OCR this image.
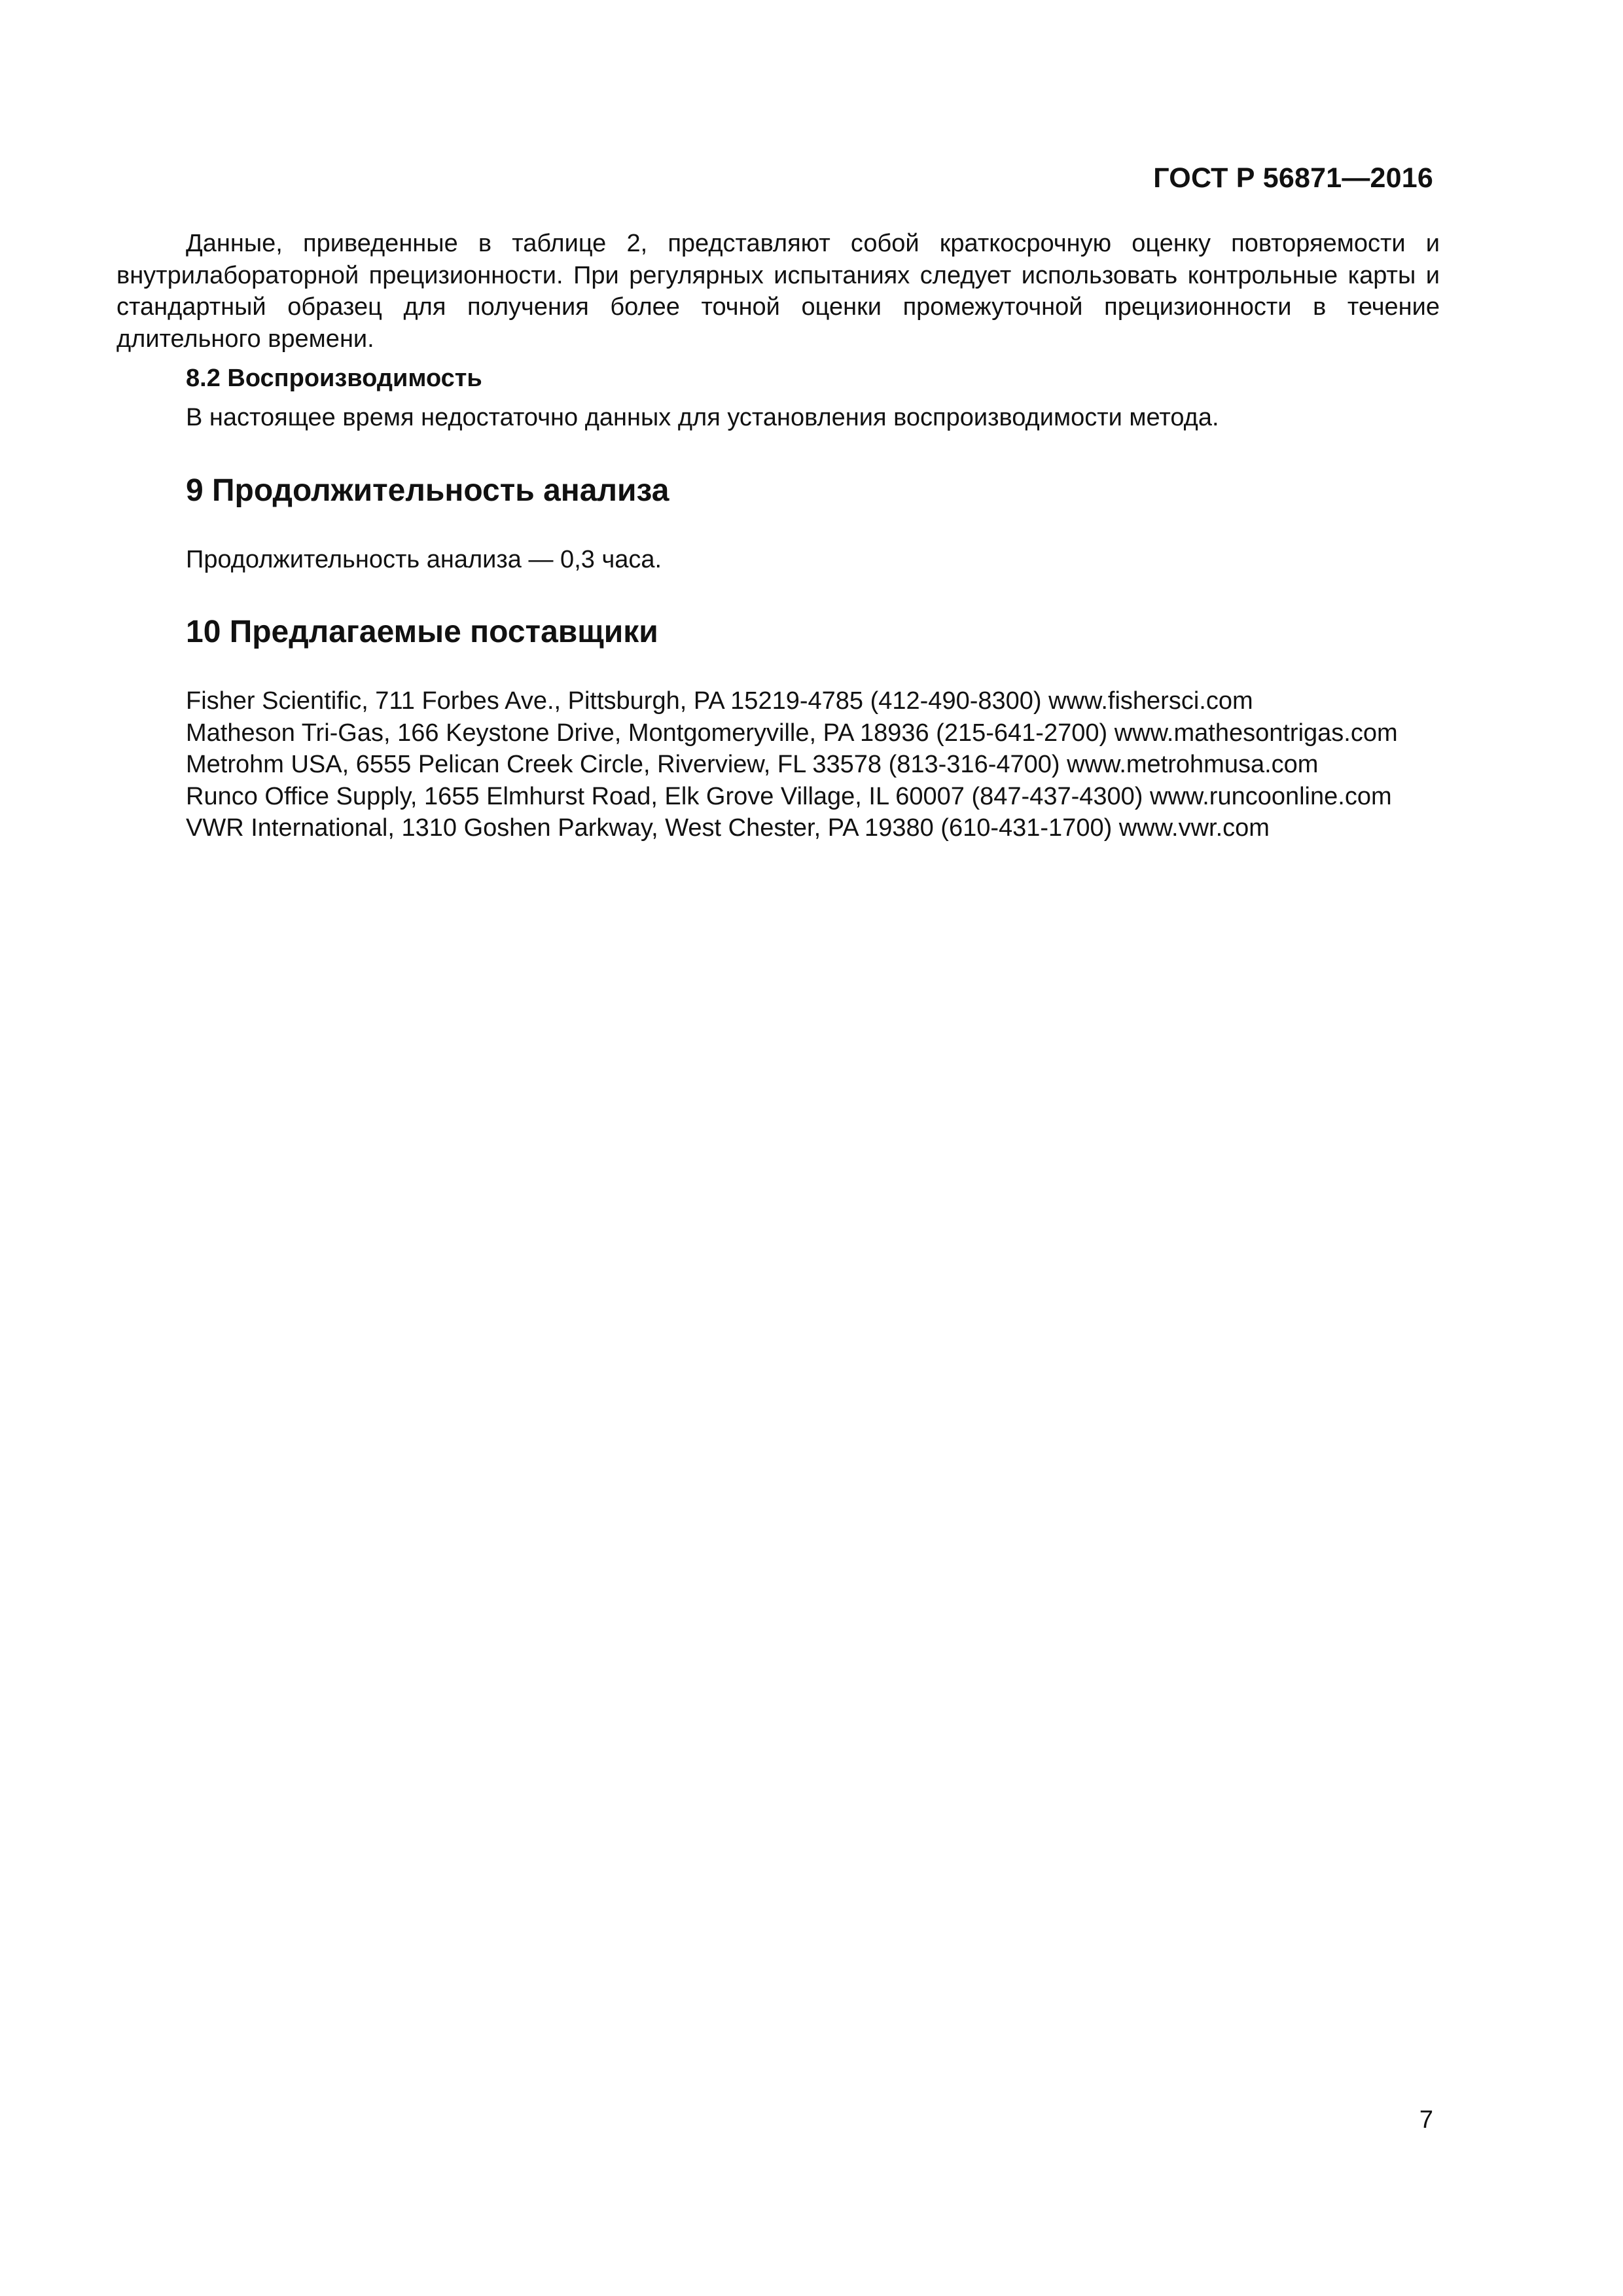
ГОСТ Р 56871—2016

Данные, приведенные в таблице 2, представляют собой краткосрочную оценку повторяемости и внутрилабораторной прецизионности. При регулярных испытаниях следует использовать контрольные карты и стандартный образец для получения более точной оценки промежуточной прецизионности в течение длительного времени.

8.2 Воспроизводимость

В настоящее время недостаточно данных для установления воспроизводимости метода.

9 Продолжительность анализа

Продолжительность анализа — 0,3 часа.

10 Предлагаемые поставщики

Fisher Scientific, 711 Forbes Ave., Pittsburgh, PA 15219-4785 (412-490-8300) www.fishersci.com

Matheson Tri-Gas, 166 Keystone Drive, Montgomeryville, PA 18936 (215-641-2700) www.mathesontrigas.com

Metrohm USA, 6555 Pelican Creek Circle, Riverview, FL 33578 (813-316-4700) www.metrohmusa.com

Runco Office Supply, 1655 Elmhurst Road, Elk Grove Village, IL 60007 (847-437-4300) www.runcoonline.com

VWR International, 1310 Goshen Parkway, West Chester, PA 19380 (610-431-1700) www.vwr.com

7
